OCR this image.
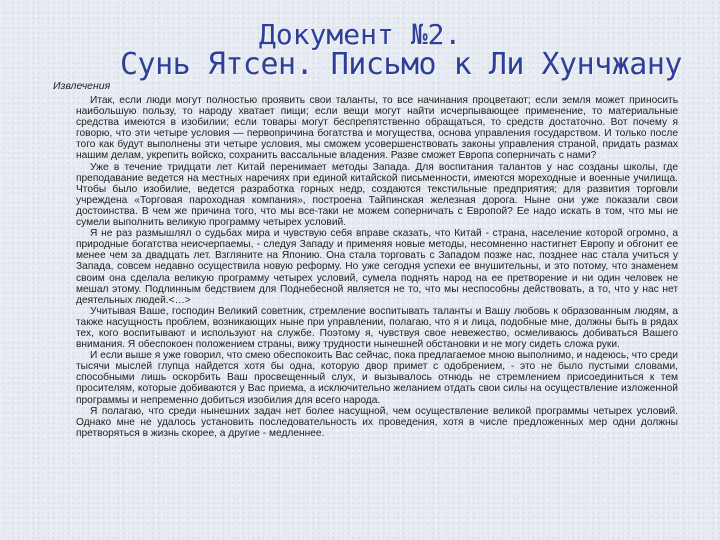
Документ №2.
Сунь Ятсен. Письмо к Ли Хунчжану
Извлечения

Итак, если люди могут полностью проявить свои таланты, то все начинания процветают; если земля может приносить наибольшую пользу, то народу хватает пищи; если вещи могут найти исчерпывающее применение, то материальные средства имеются в изобилии; если товары могут беспрепятственно обращаться, то средств достаточно. Вот почему я говорю, что эти четыре условия — первопричина богатства и могущества, основа управления государством. И только после того как будут выполнены эти четыре условия, мы сможем усовершенствовать законы управления страной, придать размах нашим делам, укрепить войско, сохранить вассальные владения. Разве сможет Европа соперничать с нами?

Уже в течение тридцати лет Китай перенимает методы Запада. Для воспитания талантов у нас созданы школы, где преподавание ведется на местных наречиях при единой китайской письменности, имеются мореходные и военные училища. Чтобы было изобилие, ведется разработка горных недр, создаются текстильные предприятия; для развития торговли учреждена «Торговая пароходная компания», построена Тайпинская железная дорога. Ныне они уже показали свои достоинства. В чем же причина того, что мы все-таки не можем соперничать с Европой? Ее надо искать в том, что мы не сумели выполнить великую программу четырех условий.

Я не раз размышлял о судьбах мира и чувствую себя вправе сказать, что Китай - страна, население которой огромно, а природные богатства неисчерпаемы, - следуя Западу и применяя новые методы, несомненно настигнет Европу и обгонит ее менее чем за двадцать лет. Взгляните на Японию. Она стала торговать с Западом позже нас, позднее нас стала учиться у Запада, совсем недавно осуществила новую реформу. Но уже сегодня успехи ее внушительны, и это потому, что знаменем своим она сделала великую программу четырех условий, сумела поднять народ на ее претворение и ни один человек не мешал этому. Подлинным бедствием для Поднебесной является не то, что мы неспособны действовать, а то, что у нас нет деятельных людей.<…>

Учитывая Ваше, господин Великий советник, стремление воспитывать таланты и Вашу любовь к образованным людям, а также насущность проблем, возникающих ныне при управлении, полагаю, что я и лица, подобные мне, должны быть в рядах тех, кого воспитывают и используют на службе. Поэтому я, чувствуя свое невежество, осмеливаюсь добиваться Вашего внимания. Я обеспокоен положением страны, вижу трудности нынешней обстановки и не могу сидеть сложа руки.

И если выше я уже говорил, что смею обеспокоить Вас сейчас, пока предлагаемое мною выполнимо, и надеюсь, что среди тысячи мыслей глупца найдется хотя бы одна, которую двор примет с одобрением, - это не было пустыми словами, способными лишь оскорбить Ваш просвещенный слух, и вызывалось отнюдь не стремлением присоединиться к тем просителям, которые добиваются у Вас приема, а исключительно желанием отдать свои силы на осуществление изложенной программы и непременно добиться изобилия для всего народа.

Я полагаю, что среди нынешних задач нет более насущной, чем осуществление великой программы четырех условий. Однако мне не удалось установить последовательность их проведения, хотя в числе предложенных мер одни должны претворяться в жизнь скорее, а другие - медленнее.
